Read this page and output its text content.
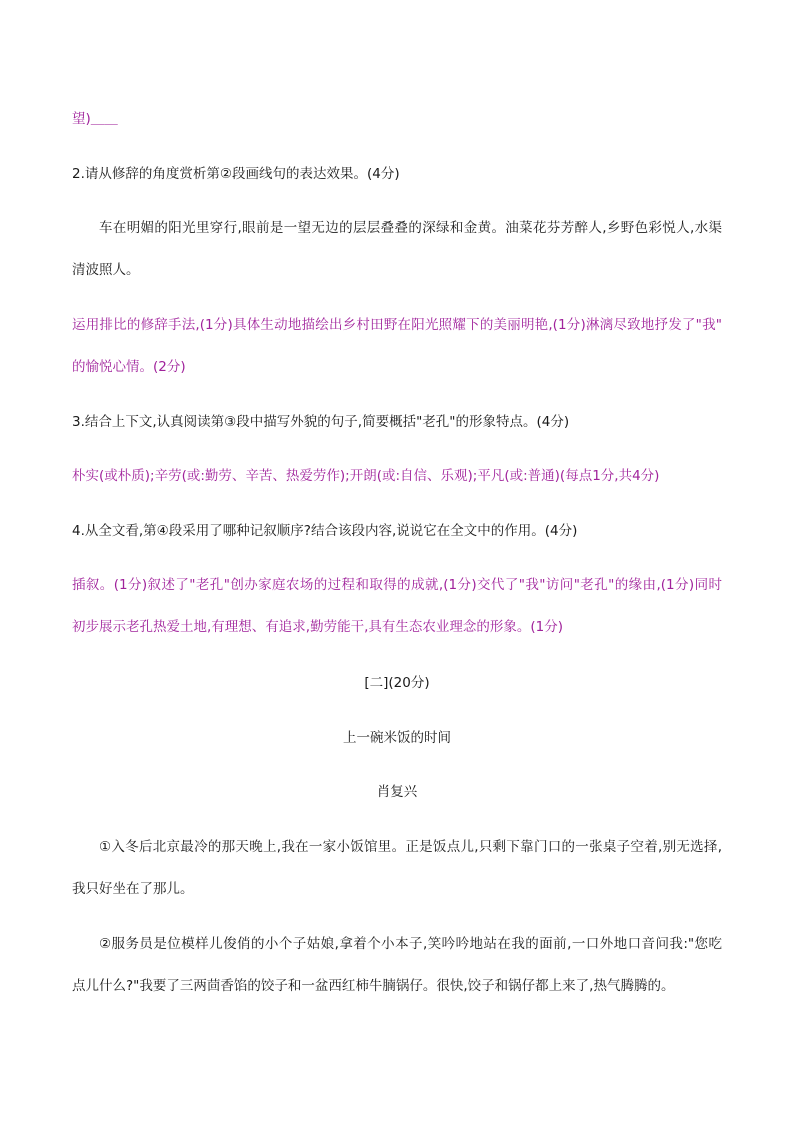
望)＿＿
2.请从修辞的角度赏析第②段画线句的表达效果。(4分)
车在明媚的阳光里穿行,眼前是一望无边的层层叠叠的深绿和金黄。油菜花芬芳醉人,乡野色彩悦人,水渠
清波照人。
运用排比的修辞手法,(1分)具体生动地描绘出乡村田野在阳光照耀下的美丽明艳,(1分)淋漓尽致地抒发了"我"
的愉悦心情。(2分)
3.结合上下文,认真阅读第③段中描写外貌的句子,简要概括"老孔"的形象特点。(4分)
朴实(或朴质);辛劳(或:勤劳、辛苦、热爱劳作);开朗(或:自信、乐观);平凡(或:普通)(每点1分,共4分)
4.从全文看,第④段采用了哪种记叙顺序?结合该段内容,说说它在全文中的作用。(4分)
插叙。(1分)叙述了"老孔"创办家庭农场的过程和取得的成就,(1分)交代了"我"访问"老孔"的缘由,(1分)同时
初步展示老孔热爱土地,有理想、有追求,勤劳能干,具有生态农业理念的形象。(1分)
[二](20分)
上一碗米饭的时间
肖复兴
①入冬后北京最冷的那天晚上,我在一家小饭馆里。正是饭点儿,只剩下靠门口的一张桌子空着,别无选择,
我只好坐在了那儿。
②服务员是位模样儿俊俏的小个子姑娘,拿着个小本子,笑吟吟地站在我的面前,一口外地口音问我:"您吃
点儿什么?"我要了三两茴香馅的饺子和一盆西红柿牛腩锅仔。很快,饺子和锅仔都上来了,热气腾腾的。
